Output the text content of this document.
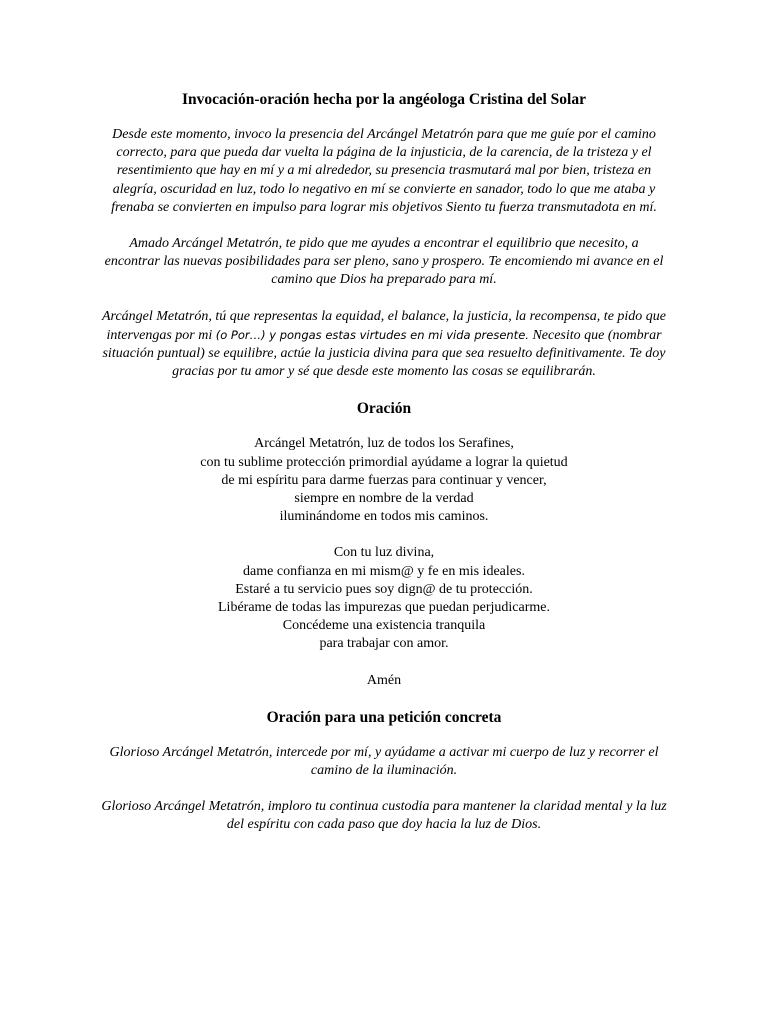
Invocación-oración hecha por la angéologa Cristina del Solar

Desde este momento, invoco la presencia del Arcángel Metatrón para que me guíe por el camino correcto, para que pueda dar vuelta la página de la injusticia, de la carencia, de la tristeza y el resentimiento que hay en mí y a mi alrededor, su presencia trasmutará mal por bien, tristeza en alegría, oscuridad en luz, todo lo negativo en mí se convierte en sanador, todo lo que me ataba y frenaba se convierten en impulso para lograr mis objetivos Siento tu fuerza transmutadota en mí.

Amado Arcángel Metatrón, te pido que me ayudes a encontrar el equilibrio que necesito, a encontrar las nuevas posibilidades para ser pleno, sano y prospero. Te encomiendo mi avance en el camino que Dios ha preparado para mí.

Arcángel Metatrón, tú que representas la equidad, el balance, la justicia, la recompensa, te pido que intervengas por mi (o Por…) y pongas estas virtudes en mi vida presente. Necesito que (nombrar situación puntual) se equilibre, actúe la justicia divina para que sea resuelto definitivamente. Te doy gracias por tu amor y sé que desde este momento las cosas se equilibrarán.

Oración

Arcángel Metatrón, luz de todos los Serafines,
con tu sublime protección primordial ayúdame a lograr la quietud
de mi espíritu para darme fuerzas para continuar y vencer,
siempre en nombre de la verdad
iluminándome en todos mis caminos.

Con tu luz divina,
dame confianza en mi mism@ y fe en mis ideales.
Estaré a tu servicio pues soy dign@ de tu protección.
Libérame de todas las impurezas que puedan perjudicarme.
Concédeme una existencia tranquila
para trabajar con amor.

Amén

Oración para una petición concreta

Glorioso Arcángel Metatrón, intercede por mí, y ayúdame a activar mi cuerpo de luz y recorrer el camino de la iluminación.

Glorioso Arcángel Metatrón, imploro tu continua custodia para mantener la claridad mental y la luz del espíritu con cada paso que doy hacia la luz de Dios.
